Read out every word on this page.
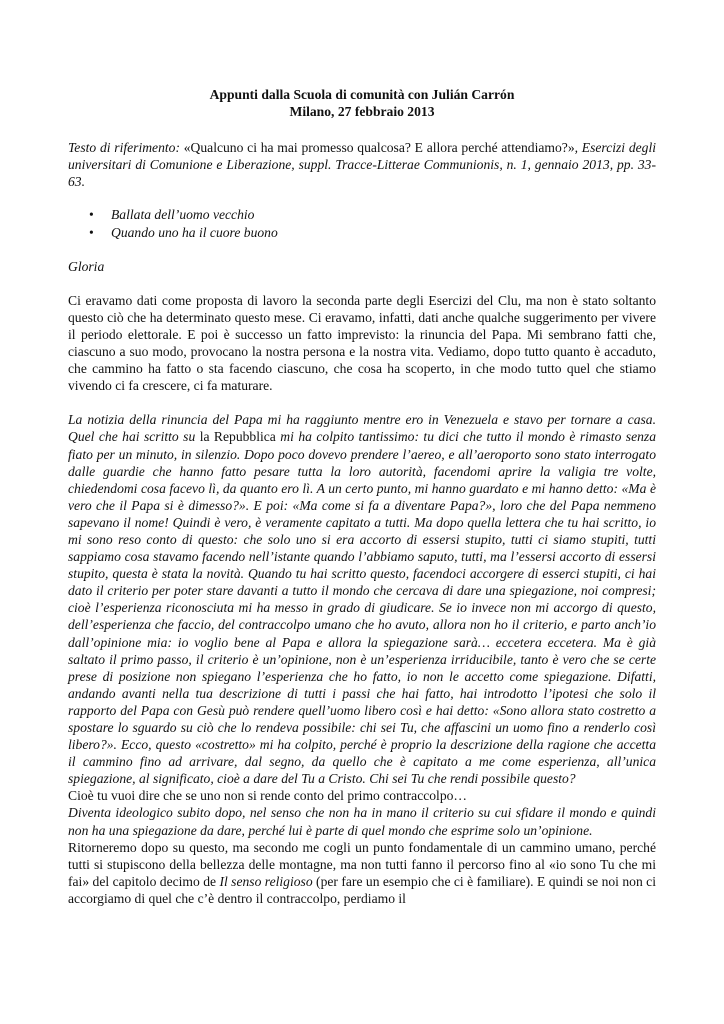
Appunti dalla Scuola di comunità con Julián Carrón
Milano, 27 febbraio 2013

Testo di riferimento: «Qualcuno ci ha mai promesso qualcosa? E allora perché attendiamo?», Esercizi degli universitari di Comunione e Liberazione, suppl. Tracce-Litterae Communionis, n. 1, gennaio 2013, pp. 33-63.
• Ballata dell’uomo vecchio
• Quando uno ha il cuore buono
Gloria
Ci eravamo dati come proposta di lavoro la seconda parte degli Esercizi del Clu, ma non è stato soltanto questo ciò che ha determinato questo mese. Ci eravamo, infatti, dati anche qualche suggerimento per vivere il periodo elettorale. E poi è successo un fatto imprevisto: la rinuncia del Papa. Mi sembrano fatti che, ciascuno a suo modo, provocano la nostra persona e la nostra vita. Vediamo, dopo tutto quanto è accaduto, che cammino ha fatto o sta facendo ciascuno, che cosa ha scoperto, in che modo tutto quel che stiamo vivendo ci fa crescere, ci fa maturare.
La notizia della rinuncia del Papa mi ha raggiunto mentre ero in Venezuela e stavo per tornare a casa. Quel che hai scritto su la Repubblica mi ha colpito tantissimo: tu dici che tutto il mondo è rimasto senza fiato per un minuto, in silenzio. Dopo poco dovevo prendere l’aereo, e all’aeroporto sono stato interrogato dalle guardie che hanno fatto pesare tutta la loro autorità, facendomi aprire la valigia tre volte, chiedendomi cosa facevo lì, da quanto ero lì. A un certo punto, mi hanno guardato e mi hanno detto: «Ma è vero che il Papa si è dimesso?». E poi: «Ma come si fa a diventare Papa?», loro che del Papa nemmeno sapevano il nome! Quindi è vero, è veramente capitato a tutti. Ma dopo quella lettera che tu hai scritto, io mi sono reso conto di questo: che solo uno si era accorto di essersi stupito, tutti ci siamo stupiti, tutti sappiamo cosa stavamo facendo nell’istante quando l’abbiamo saputo, tutti, ma l’essersi accorto di essersi stupito, questa è stata la novità. Quando tu hai scritto questo, facendoci accorgere di esserci stupiti, ci hai dato il criterio per poter stare davanti a tutto il mondo che cercava di dare una spiegazione, noi compresi; cioè l’esperienza riconosciuta mi ha messo in grado di giudicare. Se io invece non mi accorgo di questo, dell’esperienza che faccio, del contraccolpo umano che ho avuto, allora non ho il criterio, e parto anch’io dall’opinione mia: io voglio bene al Papa e allora la spiegazione sarà… eccetera eccetera. Ma è già saltato il primo passo, il criterio è un’opinione, non è un’esperienza irriducibile, tanto è vero che se certe prese di posizione non spiegano l’esperienza che ho fatto, io non le accetto come spiegazione. Difatti, andando avanti nella tua descrizione di tutti i passi che hai fatto, hai introdotto l’ipotesi che solo il rapporto del Papa con Gesù può rendere quell’uomo libero così e hai detto: «Sono allora stato costretto a spostare lo sguardo su ciò che lo rendeva possibile: chi sei Tu, che affascini un uomo fino a renderlo così libero?». Ecco, questo «costretto» mi ha colpito, perché è proprio la descrizione della ragione che accetta il cammino fino ad arrivare, dal segno, da quello che è capitato a me come esperienza, all’unica spiegazione, al significato, cioè a dare del Tu a Cristo. Chi sei Tu che rendi possibile questo?
Cioè tu vuoi dire che se uno non si rende conto del primo contraccolpo…
Diventa ideologico subito dopo, nel senso che non ha in mano il criterio su cui sfidare il mondo e quindi non ha una spiegazione da dare, perché lui è parte di quel mondo che esprime solo un’opinione.
Ritorneremo dopo su questo, ma secondo me cogli un punto fondamentale di un cammino umano, perché tutti si stupiscono della bellezza delle montagne, ma non tutti fanno il percorso fino al «io sono Tu che mi fai» del capitolo decimo de Il senso religioso (per fare un esempio che ci è familiare). E quindi se noi non ci accorgiamo di quel che c’è dentro il contraccolpo, perdiamo il
